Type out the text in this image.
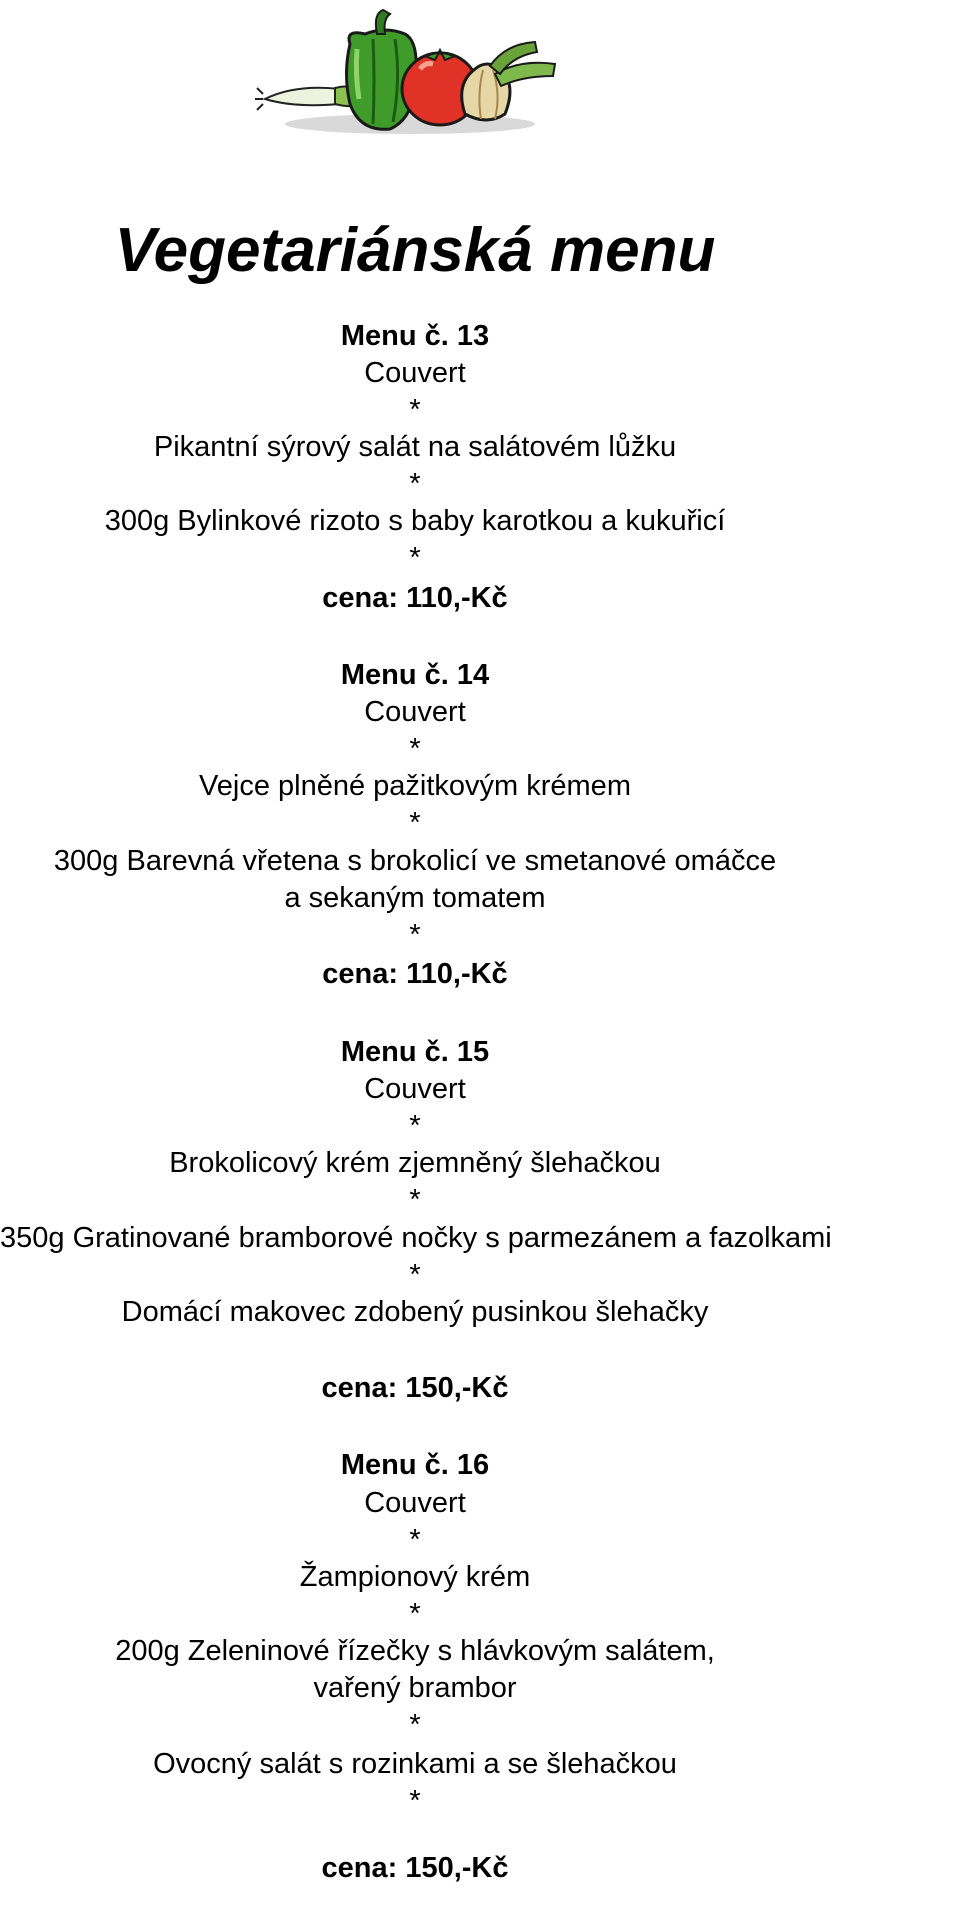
Vegetariánská menu
Menu č. 13
Couvert
*
Pikantní sýrový salát na salátovém lůžku
*
300g Bylinkové rizoto s baby karotkou a kukuřicí
*
cena: 110,-Kč
Menu č. 14
Couvert
*
Vejce plněné pažitkovým krémem
*
300g Barevná vřetena s brokolicí ve smetanové omáčce
a sekaným tomatem
*
cena: 110,-Kč
Menu č. 15
Couvert
*
Brokolicový krém zjemněný šlehačkou
*
350g Gratinované bramborové nočky s parmezánem a fazolkami
*
Domácí makovec zdobený pusinkou šlehačky
cena: 150,-Kč
Menu č. 16
Couvert
*
Žampionový krém
*
200g Zeleninové řízečky s hlávkovým salátem,
vařený brambor
*
Ovocný salát s rozinkami a se šlehačkou
*
cena: 150,-Kč
